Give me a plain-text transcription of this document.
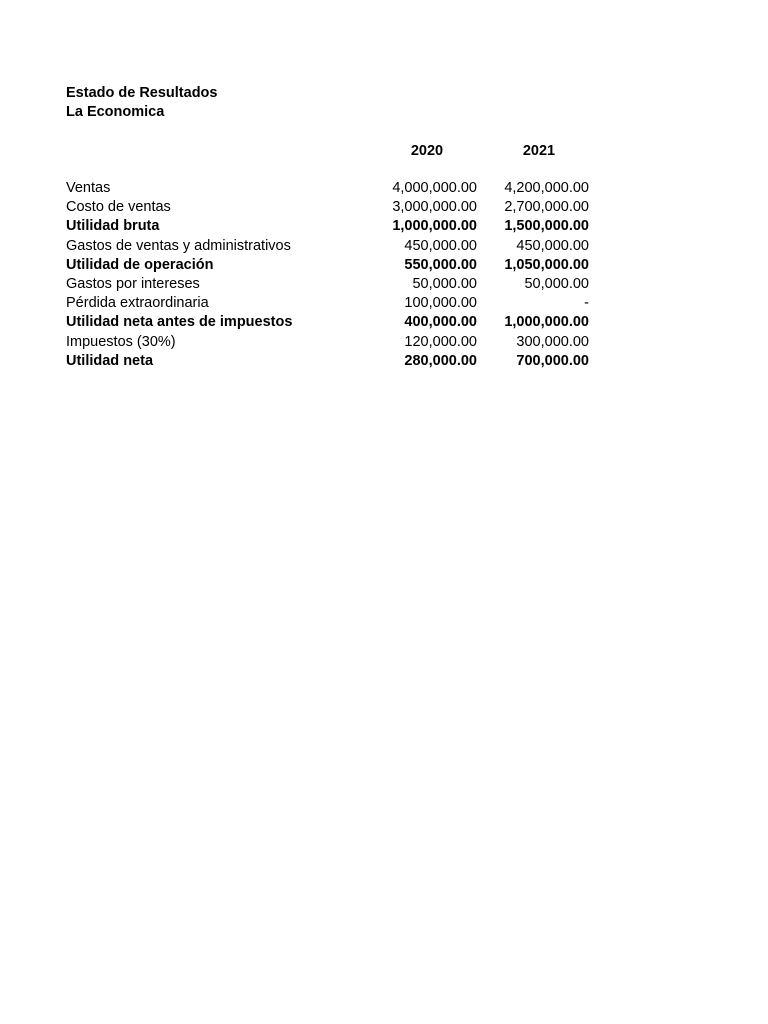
Estado de Resultados
La Economica
2020	2021
Ventas	4,000,000.00 4,200,000.00
Costo de ventas	3,000,000.00 2,700,000.00
Utilidad bruta	1,000,000.00 1,500,000.00
Gastos de ventas y administrativos	450,000.00	450,000.00
Utilidad de operación	550,000.00 1,050,000.00
Gastos por intereses	50,000.00	50,000.00
Pérdida extraordinaria	100,000.00	-
Utilidad neta antes de impuestos	400,000.00 1,000,000.00
Impuestos (30%)	120,000.00	300,000.00
Utilidad neta	280,000.00	700,000.00
